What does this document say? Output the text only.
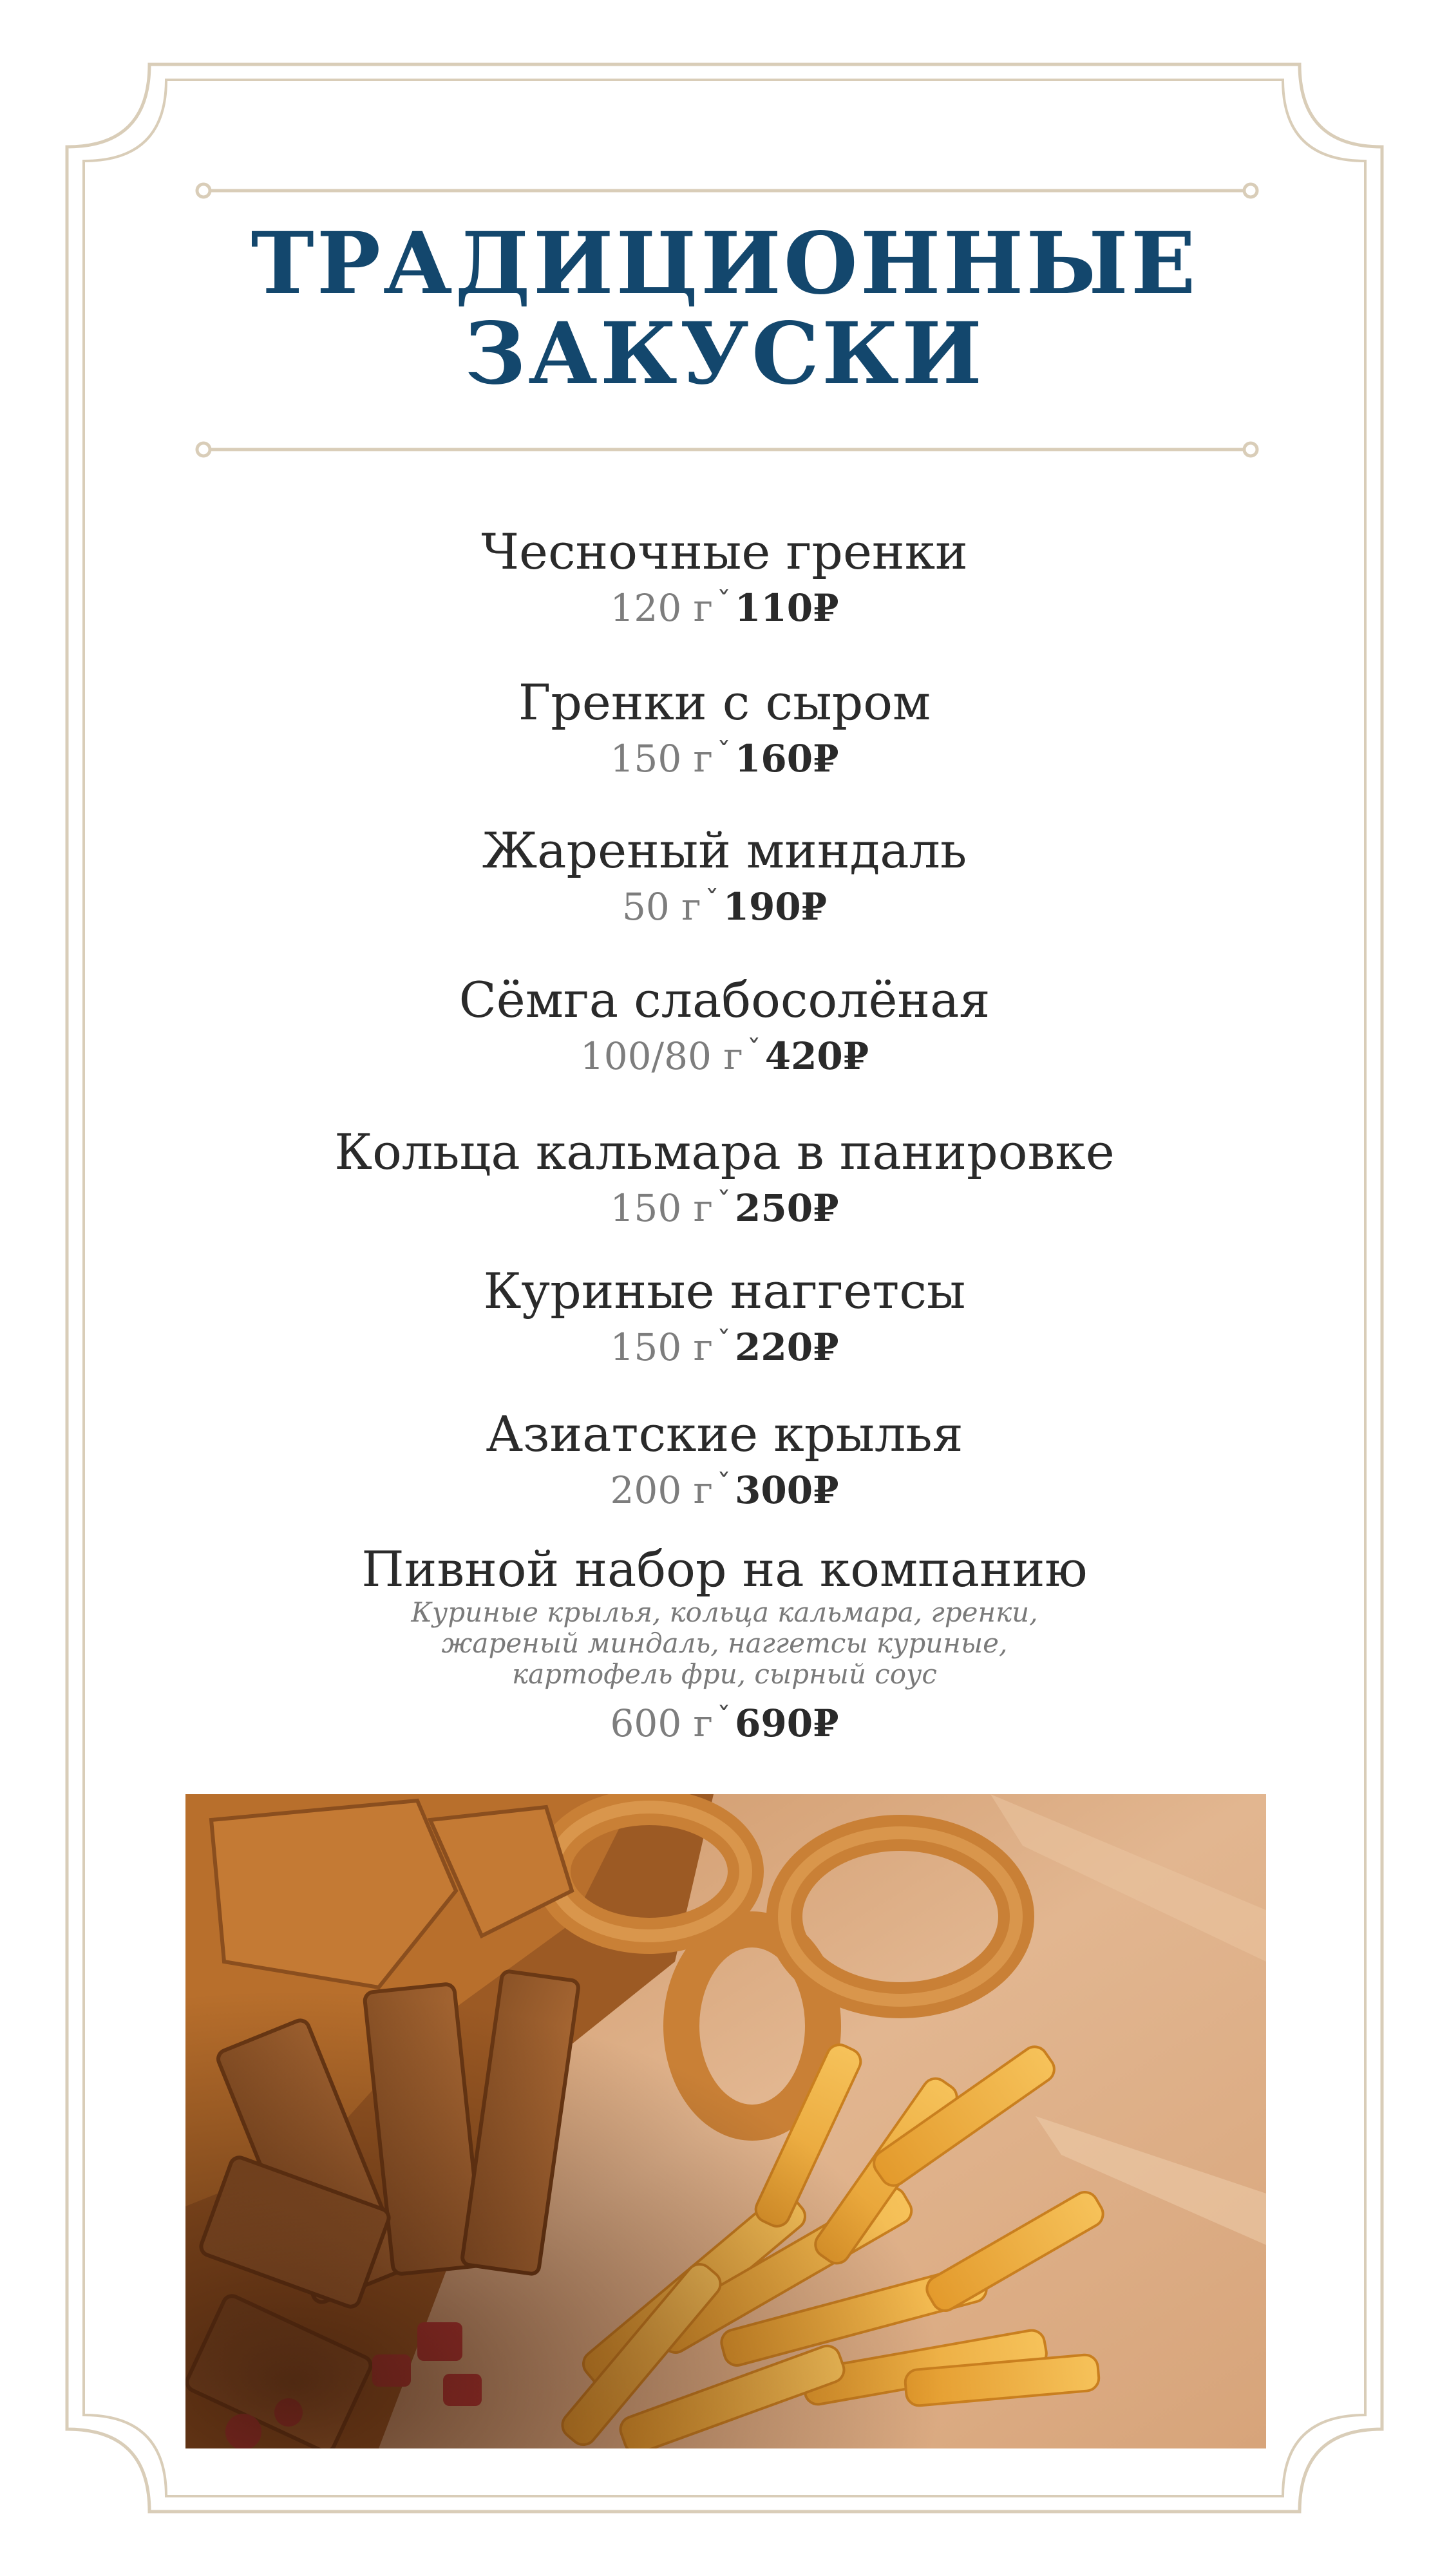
ТРАДИЦИОННЫЕ
ЗАКУСКИ
Чесночные гренки
120 г $^ˇ$ 110₽
Гренки с сыром
150 г $^ˇ$ 160₽
Жареный миндаль
50 г $^ˇ$ 190₽
Сёмга слабосолёная
100/80 г $^ˇ$ 420₽
Кольца кальмара в панировке
150 г $^ˇ$ 250₽
Куриные наггетсы
150 г $^ˇ$ 220₽
Азиатские крылья
200 г $^ˇ$ 300₽
Пивной набор на компанию
Куриные крылья, кольца кальмара, гренки,
жареный миндаль, наггетсы куриные,
картофель фри, сырный соус
600 г $^ˇ$ 690₽
